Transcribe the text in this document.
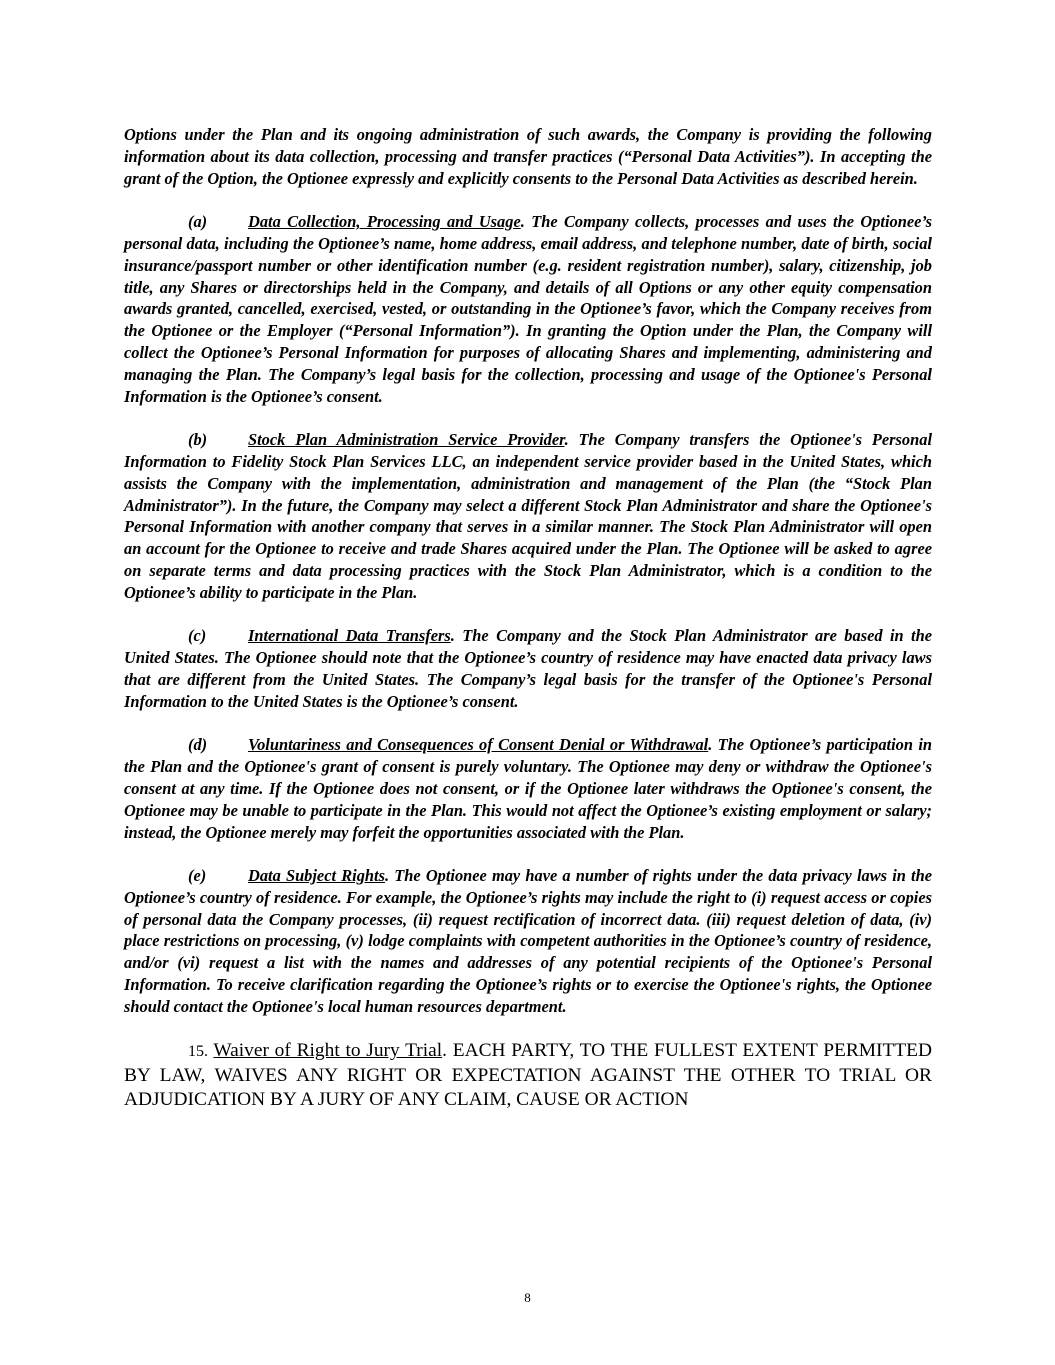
Options under the Plan and its ongoing administration of such awards, the Company is providing the following information about its data collection, processing and transfer practices (“Personal Data Activities”). In accepting the grant of the Option, the Optionee expressly and explicitly consents to the Personal Data Activities as described herein.

(a) Data Collection, Processing and Usage. The Company collects, processes and uses the Optionee’s personal data, including the Optionee’s name, home address, email address, and telephone number, date of birth, social insurance/passport number or other identification number (e.g. resident registration number), salary, citizenship, job title, any Shares or directorships held in the Company, and details of all Options or any other equity compensation awards granted, cancelled, exercised, vested, or outstanding in the Optionee’s favor, which the Company receives from the Optionee or the Employer (“Personal Information”). In granting the Option under the Plan, the Company will collect the Optionee’s Personal Information for purposes of allocating Shares and implementing, administering and managing the Plan. The Company’s legal basis for the collection, processing and usage of the Optionee's Personal Information is the Optionee’s consent.

(b) Stock Plan Administration Service Provider. The Company transfers the Optionee's Personal Information to Fidelity Stock Plan Services LLC, an independent service provider based in the United States, which assists the Company with the implementation, administration and management of the Plan (the “Stock Plan Administrator”). In the future, the Company may select a different Stock Plan Administrator and share the Optionee's Personal Information with another company that serves in a similar manner. The Stock Plan Administrator will open an account for the Optionee to receive and trade Shares acquired under the Plan. The Optionee will be asked to agree on separate terms and data processing practices with the Stock Plan Administrator, which is a condition to the Optionee’s ability to participate in the Plan.

(c)	International Data Transfers. The Company and the Stock Plan Administrator are based in the United States. The Optionee should note that the Optionee’s country of residence may have enacted data privacy laws that are different from the United States. The Company’s legal basis for the transfer of the Optionee's Personal Information to the United States is the Optionee’s consent.

(d) Voluntariness and Consequences of Consent Denial or Withdrawal. The Optionee’s participation in the Plan and the Optionee's grant of consent is purely voluntary. The Optionee may deny or withdraw the Optionee's consent at any time. If the Optionee does not consent, or if the Optionee later withdraws the Optionee's consent, the Optionee may be unable to participate in the Plan. This would not affect the Optionee’s existing employment or salary; instead, the Optionee merely may forfeit the opportunities associated with the Plan.

(e)	Data Subject Rights. The Optionee may have a number of rights under the data privacy laws in the Optionee’s country of residence. For example, the Optionee’s rights may include the right to (i) request access or copies of personal data the Company processes, (ii) request rectification of incorrect data. (iii) request deletion of data, (iv) place restrictions on processing, (v) lodge complaints with competent authorities in the Optionee’s country of residence, and/or (vi) request a list with the names and addresses of any potential recipients of the Optionee's Personal Information. To receive clarification regarding the Optionee’s rights or to exercise the Optionee's rights, the Optionee should contact the Optionee's local human resources department.

15. Waiver of Right to Jury Trial. EACH PARTY, TO THE FULLEST EXTENT PERMITTED BY LAW, WAIVES ANY RIGHT OR EXPECTATION AGAINST THE OTHER TO TRIAL OR ADJUDICATION BY A JURY OF ANY CLAIM, CAUSE OR ACTION

8
